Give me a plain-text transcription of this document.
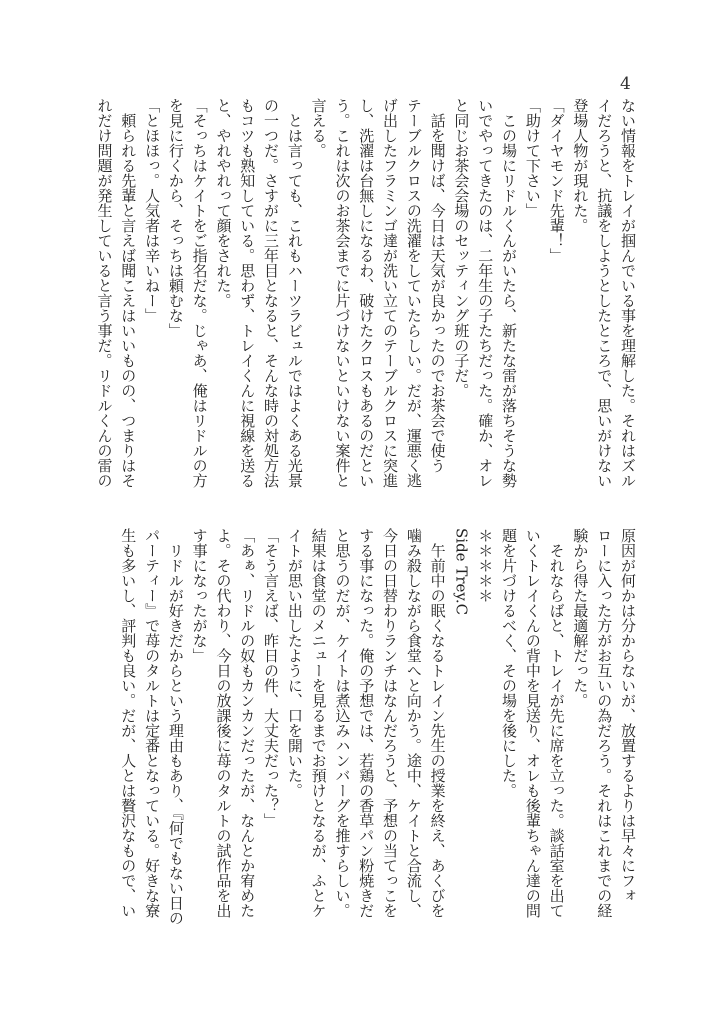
4
ない情報をトレイが掴んでいる事を理解した。それはズル
イだろうと、抗議をしようとしたところで、思いがけない
登場人物が現れた。
「ダイヤモンド先輩！」
「助けて下さい」
　この場にリドルくんがいたら、新たな雷が落ちそうな勢
いでやってきたのは、二年生の子たちだった。確か、オレ
と同じお茶会会場のセッティング班の子だ。
　話を聞けば、今日は天気が良かったのでお茶会で使う
テーブルクロスの洗濯をしていたらしい。だが、運悪く逃
げ出したフラミンゴ達が洗い立てのテーブルクロスに突進
し、洗濯は台無しになるわ、破けたクロスもあるのだとい
う。これは次のお茶会までに片づけないといけない案件と
言える。
　とは言っても、これもハーツラビュルではよくある光景
の一つだ。さすがに三年目となると、そんな時の対処方法
もコツも熟知している。思わず、トレイくんに視線を送る
と、やれやれって顔をされた。
「そっちはケイトをご指名だな。じゃあ、俺はリドルの方
を見に行くから、そっちは頼むな」
「とほほっ。人気者は辛いねー」
　頼られる先輩と言えば聞こえはいいものの、つまりはそ
れだけ問題が発生していると言う事だ。リドルくんの雷の
原因が何かは分からないが、放置するよりは早々にフォ
ローに入った方がお互いの為だろう。それはこれまでの経
験から得た最適解だった。
　それならばと、トレイが先に席を立った。談話室を出て
いくトレイくんの背中を見送り、オレも後輩ちゃん達の問
題を片づけるべく、その場を後にした。
＊＊＊＊＊
Side Trey.C
　午前中の眠くなるトレイン先生の授業を終え、あくびを
噛み殺しながら食堂へと向かう。途中、ケイトと合流し、
今日の日替わりランチはなんだろうと、予想の当てっこを
する事になった。俺の予想では、若鶏の香草パン粉焼きだ
と思うのだが、ケイトは煮込みハンバーグを推すらしい。
結果は食堂のメニューを見るまでお預けとなるが、ふとケ
イトが思い出したように、口を開いた。
「そう言えば、昨日の件、大丈夫だった？」
「あぁ、リドルの奴もカンカンだったが、なんとか宥めた
よ。その代わり、今日の放課後に苺のタルトの試作品を出
す事になったがな」
　リドルが好きだからという理由もあり、『何でもない日の
パーティー』で苺のタルトは定番となっている。好きな寮
生も多いし、評判も良い。だが、人とは贅沢なもので、い
